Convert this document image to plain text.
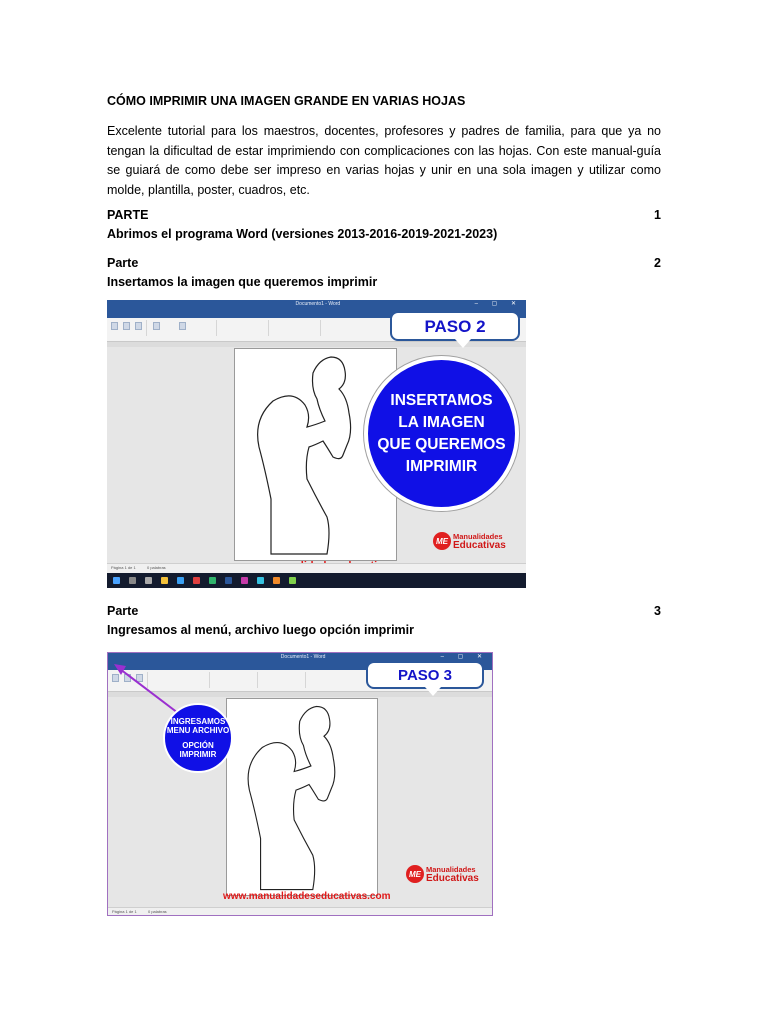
CÓMO IMPRIMIR UNA IMAGEN GRANDE EN VARIAS HOJAS

Excelente tutorial para los maestros, docentes, profesores y padres de familia, para que ya no tengan la dificultad de estar imprimiendo con complicaciones con las hojas. Con este manual-guía se guiará de como debe ser impreso en varias hojas y unir en una sola imagen y utilizar como molde, plantilla, poster, cuadros, etc.

PARTE	1
Abrimos el programa Word (versiones 2013-2016-2019-2021-2023)
Parte	2
Insertamos la imagen que queremos imprimir
Documento1 - Word	– ▢ ✕

PASO 2
INSERTAMOS
LA IMAGEN
QUE QUEREMOS
IMPRIMIR
ME Manualidades
Educativas
Página 1 de 1	0 palabras
Parte	3
Ingresamos al menú, archivo luego opción imprimir
Documento1 - Word	– ▢ ✕

PASO 3
INGRESAMOS
MENU ARCHIVO
OPCIÓN
IMPRIMIR
ME Manualidades
Educativas
www.manualidadeseducativas.com
Página 1 de 1	0 palabras
